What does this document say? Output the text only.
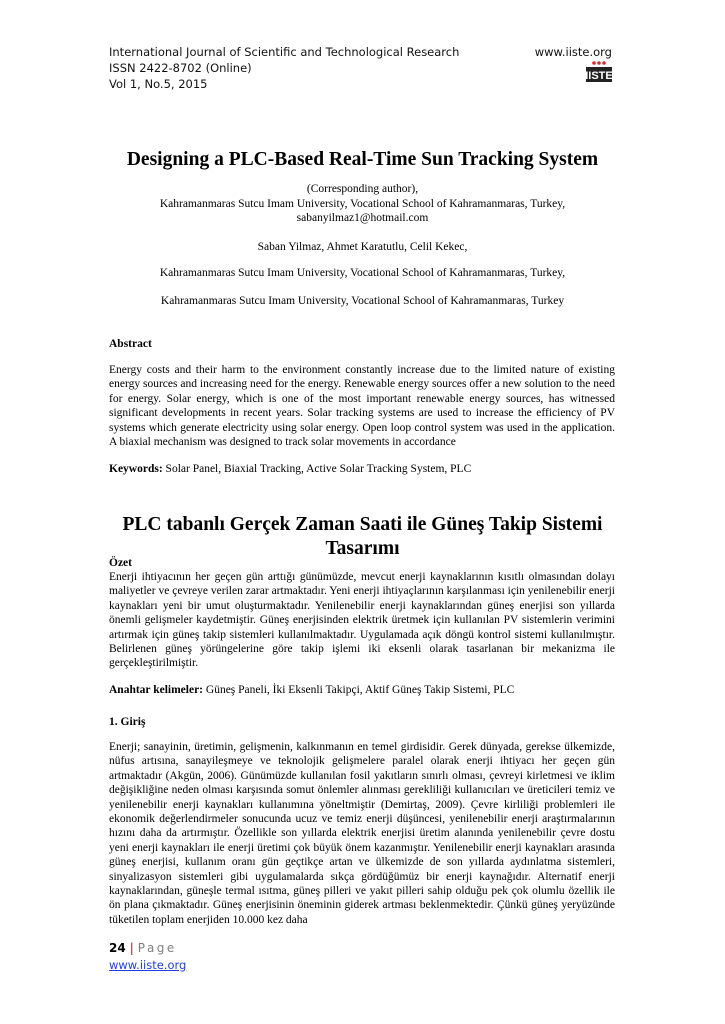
International Journal of Scientific and Technological Research
ISSN 2422-8702 (Online)
Vol 1, No.5, 2015
www.iiste.org
IISTE
Designing a PLC-Based Real-Time Sun Tracking System
(Corresponding author),
Kahramanmaras Sutcu Imam University, Vocational School of Kahramanmaras, Turkey,
sabanyilmaz1@hotmail.com
Saban Yilmaz, Ahmet Karatutlu, Celil Kekec,
Kahramanmaras Sutcu Imam University, Vocational School of Kahramanmaras, Turkey,
Kahramanmaras Sutcu Imam University, Vocational School of Kahramanmaras, Turkey
Abstract
Energy costs and their harm to the environment constantly increase due to the limited nature of existing energy sources and increasing need for the energy. Renewable energy sources offer a new solution to the need for energy. Solar energy, which is one of the most important renewable energy sources, has witnessed significant developments in recent years. Solar tracking systems are used to increase the efficiency of PV systems which generate electricity using solar energy. Open loop control system was used in the application. A biaxial mechanism was designed to track solar movements in accordance
Keywords: Solar Panel, Biaxial Tracking, Active Solar Tracking System, PLC
PLC tabanlı Gerçek Zaman Saati ile Güneş Takip Sistemi
Tasarımı
Özet
Enerji ihtiyacının her geçen gün arttığı günümüzde, mevcut enerji kaynaklarının kısıtlı olmasından dolayı maliyetler ve çevreye verilen zarar artmaktadır. Yeni enerji ihtiyaçlarının karşılanması için yenilenebilir enerji kaynakları yeni bir umut oluşturmaktadır. Yenilenebilir enerji kaynaklarından güneş enerjisi son yıllarda önemli gelişmeler kaydetmiştir. Güneş enerjisinden elektrik üretmek için kullanılan PV sistemlerin verimini artırmak için güneş takip sistemleri kullanılmaktadır. Uygulamada açık döngü kontrol sistemi kullanılmıştır. Belirlenen güneş yörüngelerine göre takip işlemi iki eksenli olarak tasarlanan bir mekanizma ile gerçekleştirilmiştir.
Anahtar kelimeler: Güneş Paneli, İki Eksenli Takipçi, Aktif Güneş Takip Sistemi, PLC
1. Giriş
Enerji; sanayinin, üretimin, gelişmenin, kalkınmanın en temel girdisidir. Gerek dünyada, gerekse ülkemizde, nüfus artısına, sanayileşmeye ve teknolojik gelişmelere paralel olarak enerji ihtiyacı her geçen gün artmaktadır (Akgün, 2006). Günümüzde kullanılan fosil yakıtların sınırlı olması, çevreyi kirletmesi ve iklim değişikliğine neden olması karşısında somut önlemler alınması gerekliliği kullanıcıları ve üreticileri temiz ve yenilenebilir enerji kaynakları kullanımına yöneltmiştir (Demirtaş, 2009). Çevre kirliliği problemleri ile ekonomik değerlendirmeler sonucunda ucuz ve temiz enerji düşüncesi, yenilenebilir enerji araştırmalarının hızını daha da artırmıştır. Özellikle son yıllarda elektrik enerjisi üretim alanında yenilenebilir çevre dostu yeni enerji kaynakları ile enerji üretimi çok büyük önem kazanmıştır. Yenilenebilir enerji kaynakları arasında güneş enerjisi, kullanım oranı gün geçtikçe artan ve ülkemizde de son yıllarda aydınlatma sistemleri, sinyalizasyon sistemleri gibi uygulamalarda sıkça gördüğümüz bir enerji kaynağıdır. Alternatif enerji kaynaklarından, güneşle termal ısıtma, güneş pilleri ve yakıt pilleri sahip olduğu pek çok olumlu özellik ile ön plana çıkmaktadır. Güneş enerjisinin öneminin giderek artması beklenmektedir. Çünkü güneş yeryüzünde tüketilen toplam enerjiden 10.000 kez daha
24 | Page
www.iiste.org
